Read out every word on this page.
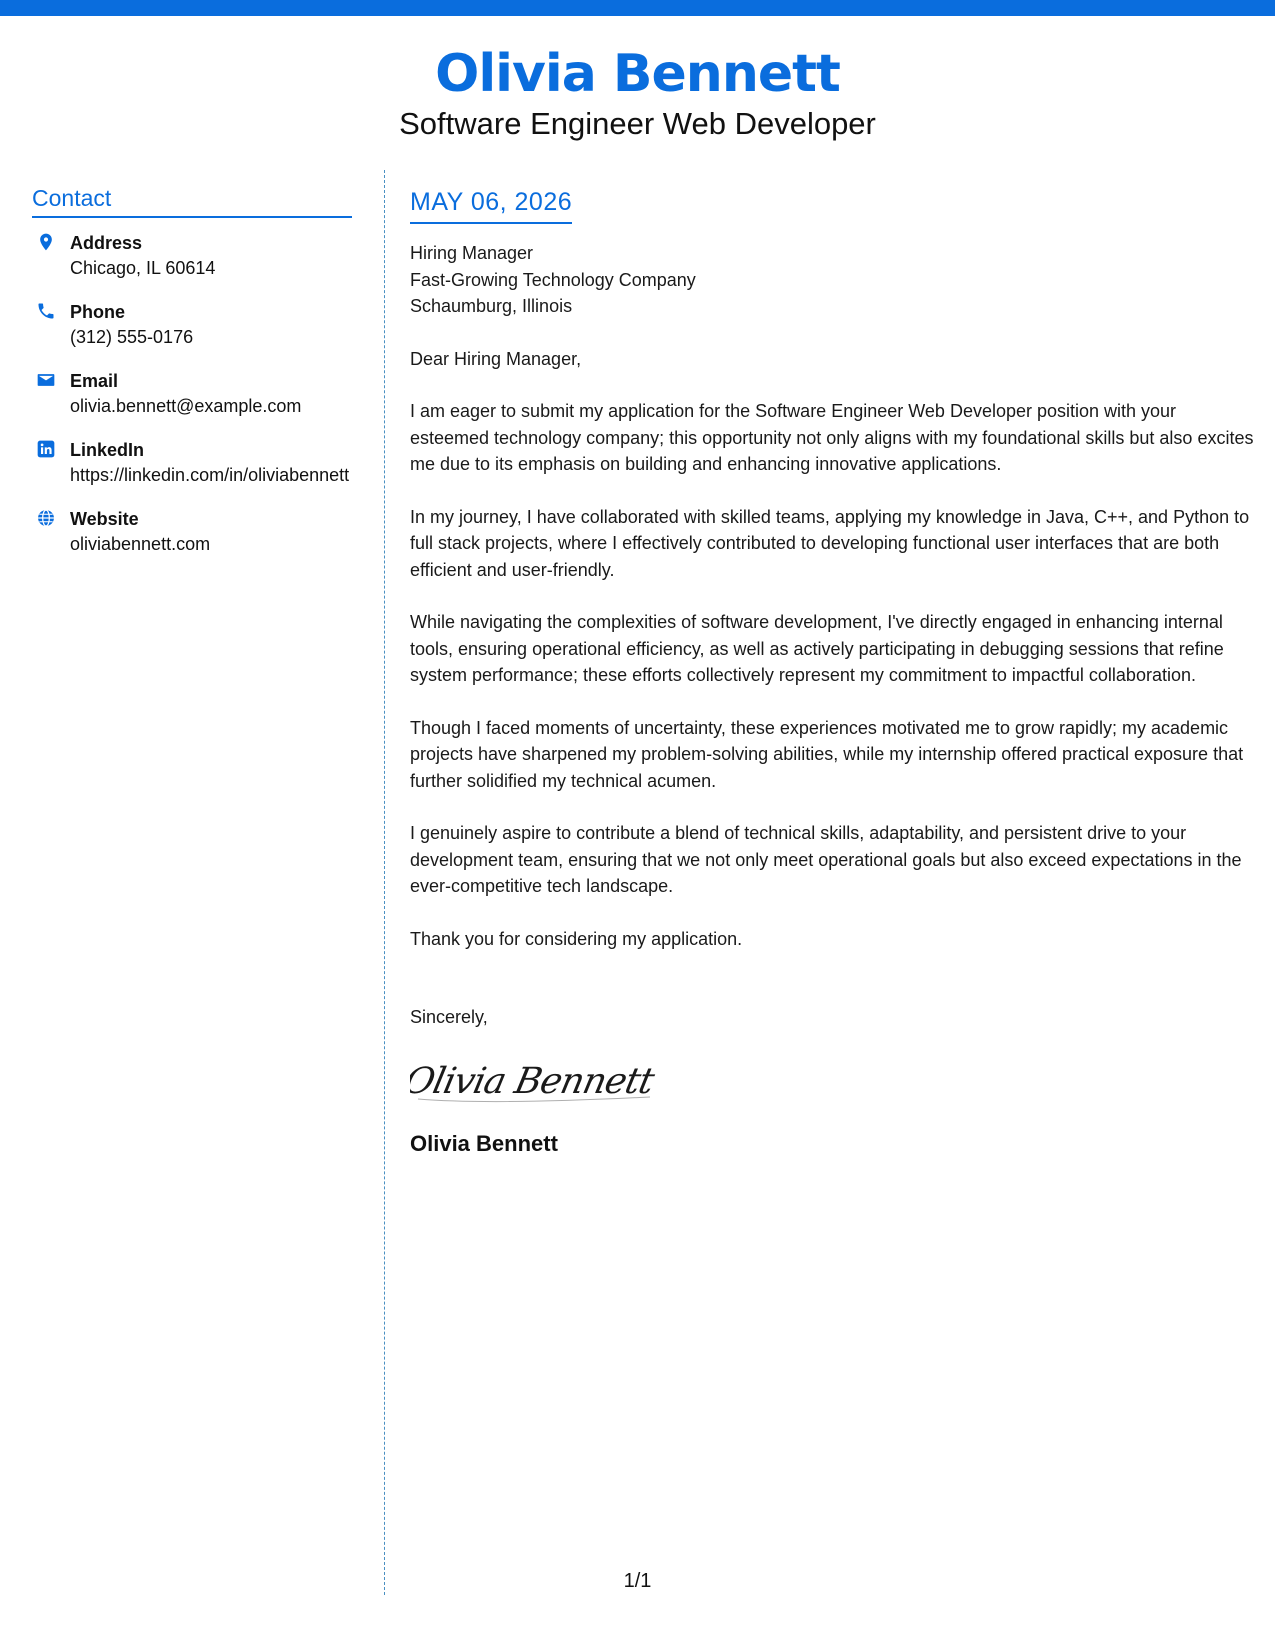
Olivia Bennett
Software Engineer Web Developer
Contact
Address
Chicago, IL 60614
Phone
(312) 555-0176
Email
olivia.bennett@example.com
LinkedIn
https://linkedin.com/in/oliviabennett
Website
oliviabennett.com
MAY 06, 2026
Hiring Manager
Fast-Growing Technology Company
Schaumburg, Illinois
Dear Hiring Manager,
I am eager to submit my application for the Software Engineer Web Developer position with your esteemed technology company; this opportunity not only aligns with my foundational skills but also excites me due to its emphasis on building and enhancing innovative applications.
In my journey, I have collaborated with skilled teams, applying my knowledge in Java, C++, and Python to full stack projects, where I effectively contributed to developing functional user interfaces that are both efficient and user-friendly.
While navigating the complexities of software development, I've directly engaged in enhancing internal tools, ensuring operational efficiency, as well as actively participating in debugging sessions that refine system performance; these efforts collectively represent my commitment to impactful collaboration.
Though I faced moments of uncertainty, these experiences motivated me to grow rapidly; my academic projects have sharpened my problem-solving abilities, while my internship offered practical exposure that further solidified my technical acumen.
I genuinely aspire to contribute a blend of technical skills, adaptability, and persistent drive to your development team, ensuring that we not only meet operational goals but also exceed expectations in the ever-competitive tech landscape.
Thank you for considering my application.
Sincerely,
Olivia Bennett
Olivia Bennett
1/1
